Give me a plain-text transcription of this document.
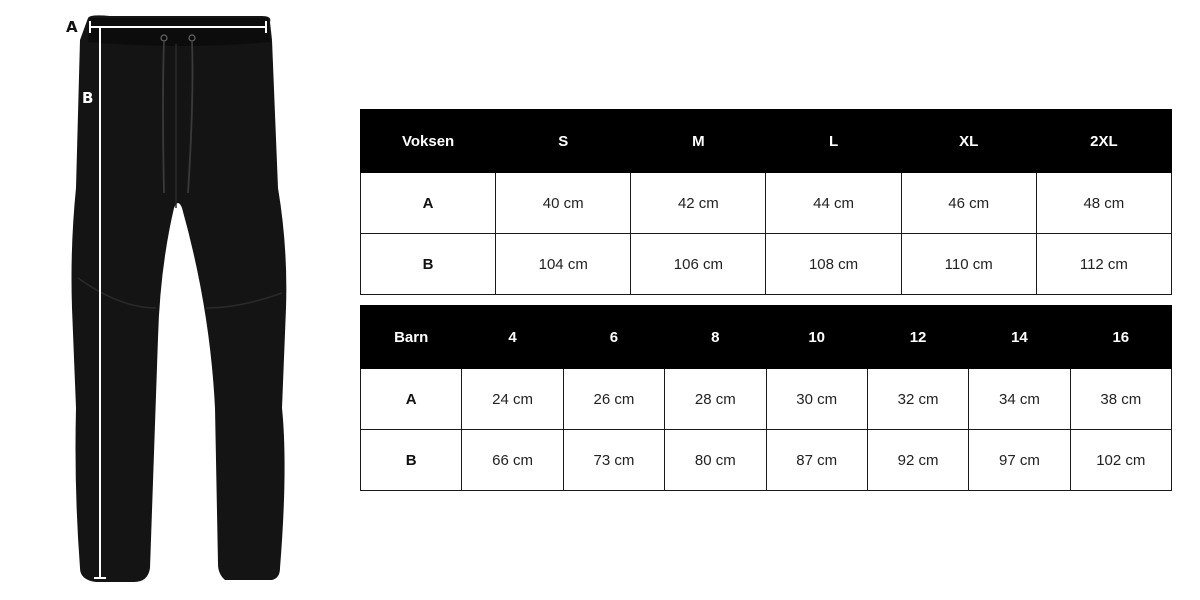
A
B
Voksen	S	M	L	XL	2XL
A	40 cm	42 cm	44 cm	46 cm	48 cm
B	104 cm	106 cm	108 cm	110 cm	112 cm
Barn	4	6	8	10	12	14	16
A	24 cm	26 cm	28 cm	30 cm	32 cm	34 cm	38 cm
B	66 cm	73 cm	80 cm	87 cm	92 cm	97 cm	102 cm
